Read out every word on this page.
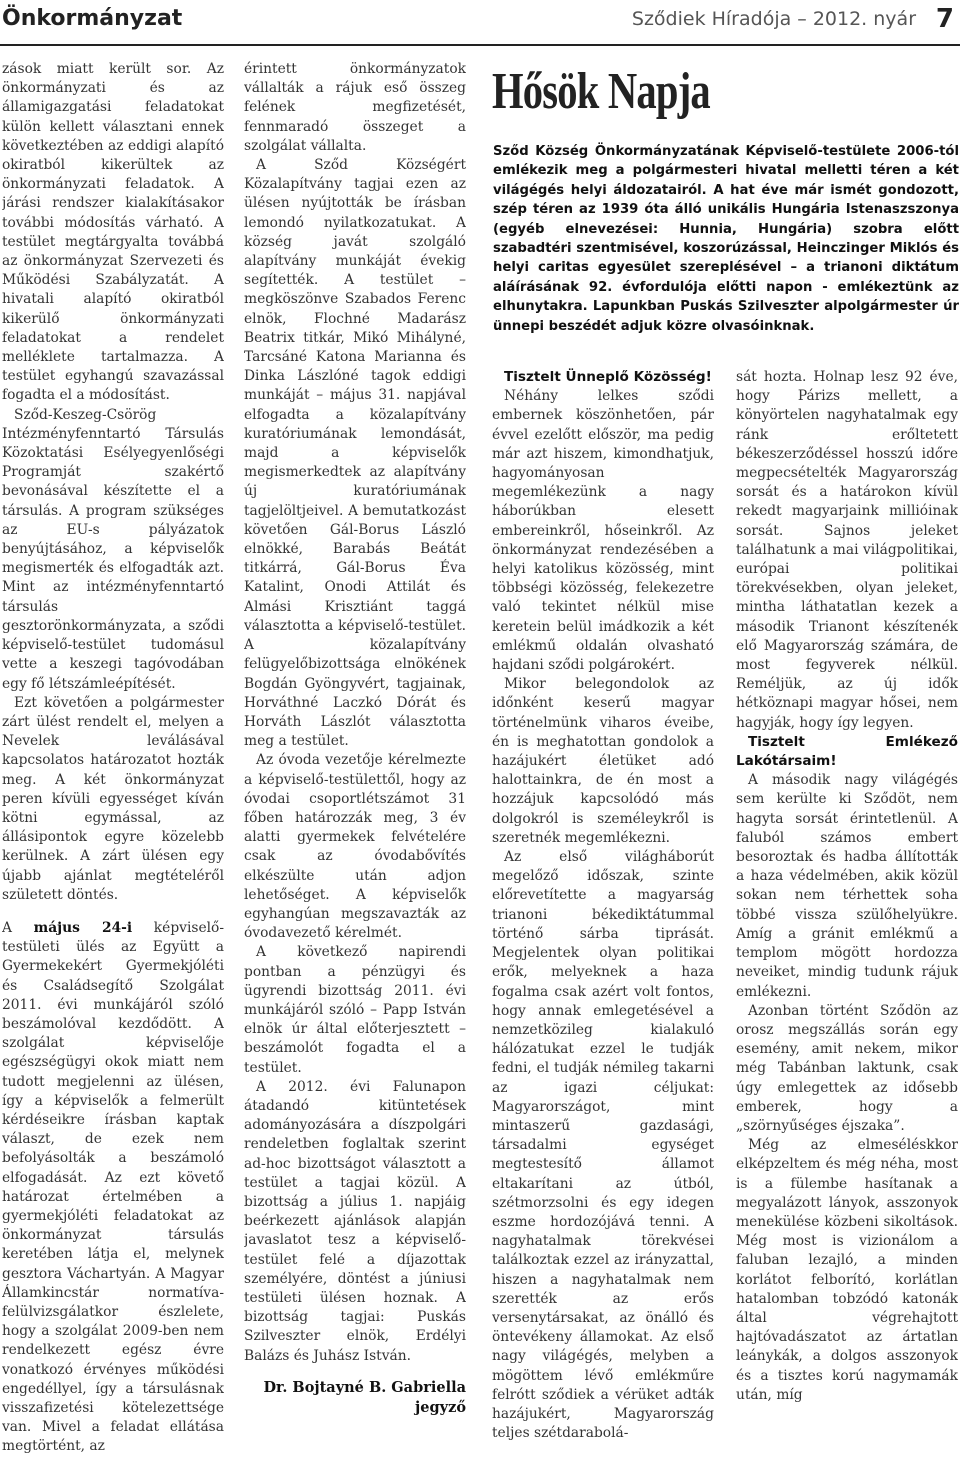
Önkormányzat	Sződiek Híradója – 2012. nyár 7

zások miatt került sor. Az önkormányzati és az államigazgatási feladatokat külön kellett választani ennek következtében az eddigi alapító okiratból kikerültek az önkormányzati feladatok. A járási rendszer kialakításakor további módosítás várható. A testület megtárgyalta továbbá az önkormányzat Szervezeti és Működési Szabályzatát. A hivatali alapító okiratból kikerülő önkormányzati feladatokat a rendelet melléklete tartalmazza. A testület egyhangú szavazással fogadta el a módosítást.

Sződ-Keszeg-Csörög Intézményfenntartó Társulás Közoktatási Esélyegyenlőségi Programját szakértő bevonásával készítette el a társulás. A program szükséges az EU-s pályázatok benyújtásához, a képviselők megismerték és elfogadták azt. Mint az intézményfenntartó társulás gesztorönkormányzata, a sződi képviselő-testület tudomásul vette a keszegi tagóvodában egy fő létszámleépítését.

Ezt követően a polgármester zárt ülést rendelt el, melyen a Nevelek leválásával kapcsolatos határozatot hozták meg. A két önkormányzat peren kívüli egyességet kíván kötni egymással, az állásipontok egyre közelebb kerülnek. A zárt ülésen egy újabb ajánlat megtételéről született döntés.

A május 24-i képviselő-testületi ülés az Együtt a Gyermekekért Gyermekjóléti és Családsegítő Szolgálat 2011. évi munkájáról szóló beszámolóval kezdődött. A szolgálat képviselője egészségügyi okok miatt nem tudott megjelenni az ülésen, így a képviselők a felmerült kérdéseikre írásban kaptak választ, de ezek nem befolyásolták a beszámoló elfogadását. Az ezt követő határozat értelmében a gyermekjóléti feladatokat az önkormányzat társulás keretében látja el, melynek gesztora Váchartyán. A Magyar Államkincstár normatíva-felülvizsgálatkor észlelete, hogy a szolgálat 2009-ben nem rendelkezett egész évre vonatkozó érvényes működési engedéllyel, így a társulásnak visszafizetési kötelezettsége van. Mivel a feladat ellátása megtörtént, az

érintett önkormányzatok vállalták a rájuk eső összeg felének megfizetését, fennmaradó összeget a szolgálat vállalta.

A Sződ Községért Közalapítvány tagjai ezen az ülésen nyújtották be írásban lemondó nyilatkozatukat. A község javát szolgáló alapítvány munkáját évekig segítették. A testület – megköszönve Szabados Ferenc elnök, Flochné Madarász Beatrix titkár, Mikó Mihályné, Tarcsáné Katona Marianna és Dinka Lászlóné tagok eddigi munkáját – május 31. napjával elfogadta a közalapítvány kuratóriumának lemondását, majd a képviselők megismerkedtek az alapítvány új kuratóriumának tagjelöltjeivel. A bemutatkozást követően Gál-Borus László elnökké, Barabás Beátát titkárrá, Gál-Borus Éva Katalint, Onodi Attilát és Almási Krisztiánt taggá választotta a képviselő-testület. A közalapítvány felügyelőbizottsága elnökének Bogdán Gyöngyvért, tagjainak, Horváthné Laczkó Dórát és Horváth Lászlót választotta meg a testület.

Az óvoda vezetője kérelmezte a képviselő-testülettől, hogy az óvodai csoportlétszámot 31 főben határozzák meg, 3 év alatti gyermekek felvételére csak az óvodabővítés elkészülte után adjon lehetőséget. A képviselők egyhangúan megszavazták az óvodavezető kérelmét.

A következő napirendi pontban a pénzügyi és ügyrendi bizottság 2011. évi munkájáról szóló – Papp István elnök úr által előterjesztett – beszámolót fogadta el a testület.

A 2012. évi Falunapon átadandó kitüntetések adományozására a díszpolgári rendeletben foglaltak szerint ad-hoc bizottságot választott a testület a tagjai közül. A bizottság a július 1. napjáig beérkezett ajánlások alapján javaslatot tesz a képviselő-testület felé a díjazottak személyére, döntést a júniusi testületi ülésen hoznak. A bizottság tagjai: Puskás Szilveszter elnök, Erdélyi Balázs és Juhász István.

Dr. Bojtayné B. Gabriella
jegyző
Hősök Napja
Sződ Község Önkormányzatának Képviselő-testülete 2006-tól emlékezik meg a polgármesteri hivatal melletti téren a két világégés helyi áldozatairól. A hat éve már ismét gondozott, szép téren az 1939 óta álló unikális Hungária Istenaszszonya (egyéb elnevezései: Hunnia, Hungária) szobra előtt szabadtéri szentmisével, koszorúzással, Heinczinger Miklós és helyi caritas egyesület szereplésével – a trianoni diktátum aláírásának 92. évfordulója előtti napon - emlékeztünk az elhunytakra. Lapunkban Puskás Szilveszter alpolgármester úr ünnepi beszédét adjuk közre olvasóinknak.

Tisztelt Ünneplő Közösség!

Néhány lelkes sződi embernek köszönhetően, pár évvel ezelőtt először, ma pedig már azt hiszem, kimondhatjuk, hagyományosan megemlékezünk a nagy háborúkban elesett embereinkről, hőseinkről. Az önkormányzat rendezésében a helyi katolikus közösség, mint többségi közösség, felekezetre való tekintet nélkül mise keretein belül imádkozik a két emlékmű oldalán olvasható hajdani sződi polgárokért.

Mikor belegondolok az időnként keserű magyar történelmünk viharos éveibe, én is meghatottan gondolok a hazájukért életüket adó halottainkra, de én most a hozzájuk kapcsolódó más dolgokról is személeykről is szeretnék megemlékezni.

Az első világháborút megelőző időszak, szinte előrevetítette a magyarság trianoni békediktátummal történő sárba tiprását. Megjelentek olyan politikai erők, melyeknek a haza fogalma csak azért volt fontos, hogy annak emlegetésével a nemzetközileg kialakuló hálózatukat ezzel le tudják fedni, el tudják némileg takarni az igazi céljukat: Magyarországot, mint mintaszerű gazdasági, társadalmi egységet megtestesítő államot eltakarítani az útból, szétmorzsolni és egy idegen eszme hordozójává tenni. A nagyhatalmak törekvései találkoztak ezzel az irányzattal, hiszen a nagyhatalmak nem szerették az erős versenytársakat, az önálló és öntevékeny államokat. Az első nagy világégés, melyben a mögöttem lévő emlékműre felrótt sződiek a vérüket adták hazájukért, Magyarország teljes szétdarabolá-

sát hozta. Holnap lesz 92 éve, hogy Párizs mellett, a könyörtelen nagyhatalmak egy ránk erőltetett békeszerződéssel hosszú időre megpecsételték Magyarország sorsát és a határokon kívül rekedt magyarjaink millióinak sorsát. Sajnos jeleket találhatunk a mai világpolitikai, európai politikai törekvésekben, olyan jeleket, mintha láthatatlan kezek a második Trianont készítenék elő Magyarország számára, de most fegyverek nélkül. Remélјük, az új idők hétköznapi magyar hősei, nem hagyják, hogy így legyen.

Tisztelt Emlékező Lakótársaim!

A második nagy világégés sem kerülte ki Sződöt, nem hagyta sorsát érintetlenül. A faluból számos embert besoroztak és hadba állították a haza védelmében, akik közül sokan nem térhettek soha többé vissza szülőhelyükre. Amíg a gránit emlékmű a templom mögött hordozza neveiket, mindig tudunk rájuk emlékezni.

Azonban történt Sződön az orosz megszállás során egy esemény, amit nekem, mikor még Tabánban laktunk, csak úgy emlegettek az idősebb emberek, hogy a „szörnyűséges éjszaka”.

Még az elmeséléskkor elképzeltem és még néha, most is a fülembe hasítanak a megyalázott lányok, asszonyok menekülése közbeni sikoltások. Még most is vizionálom a faluban lezajló, a minden korlátot felborító, korlátlan hatalomban tobzódó katonák által végrehajtott hajtóvadászatot az ártatlan leánykák, a dolgos asszonyok és a tisztes korú nagymamák után, míg
